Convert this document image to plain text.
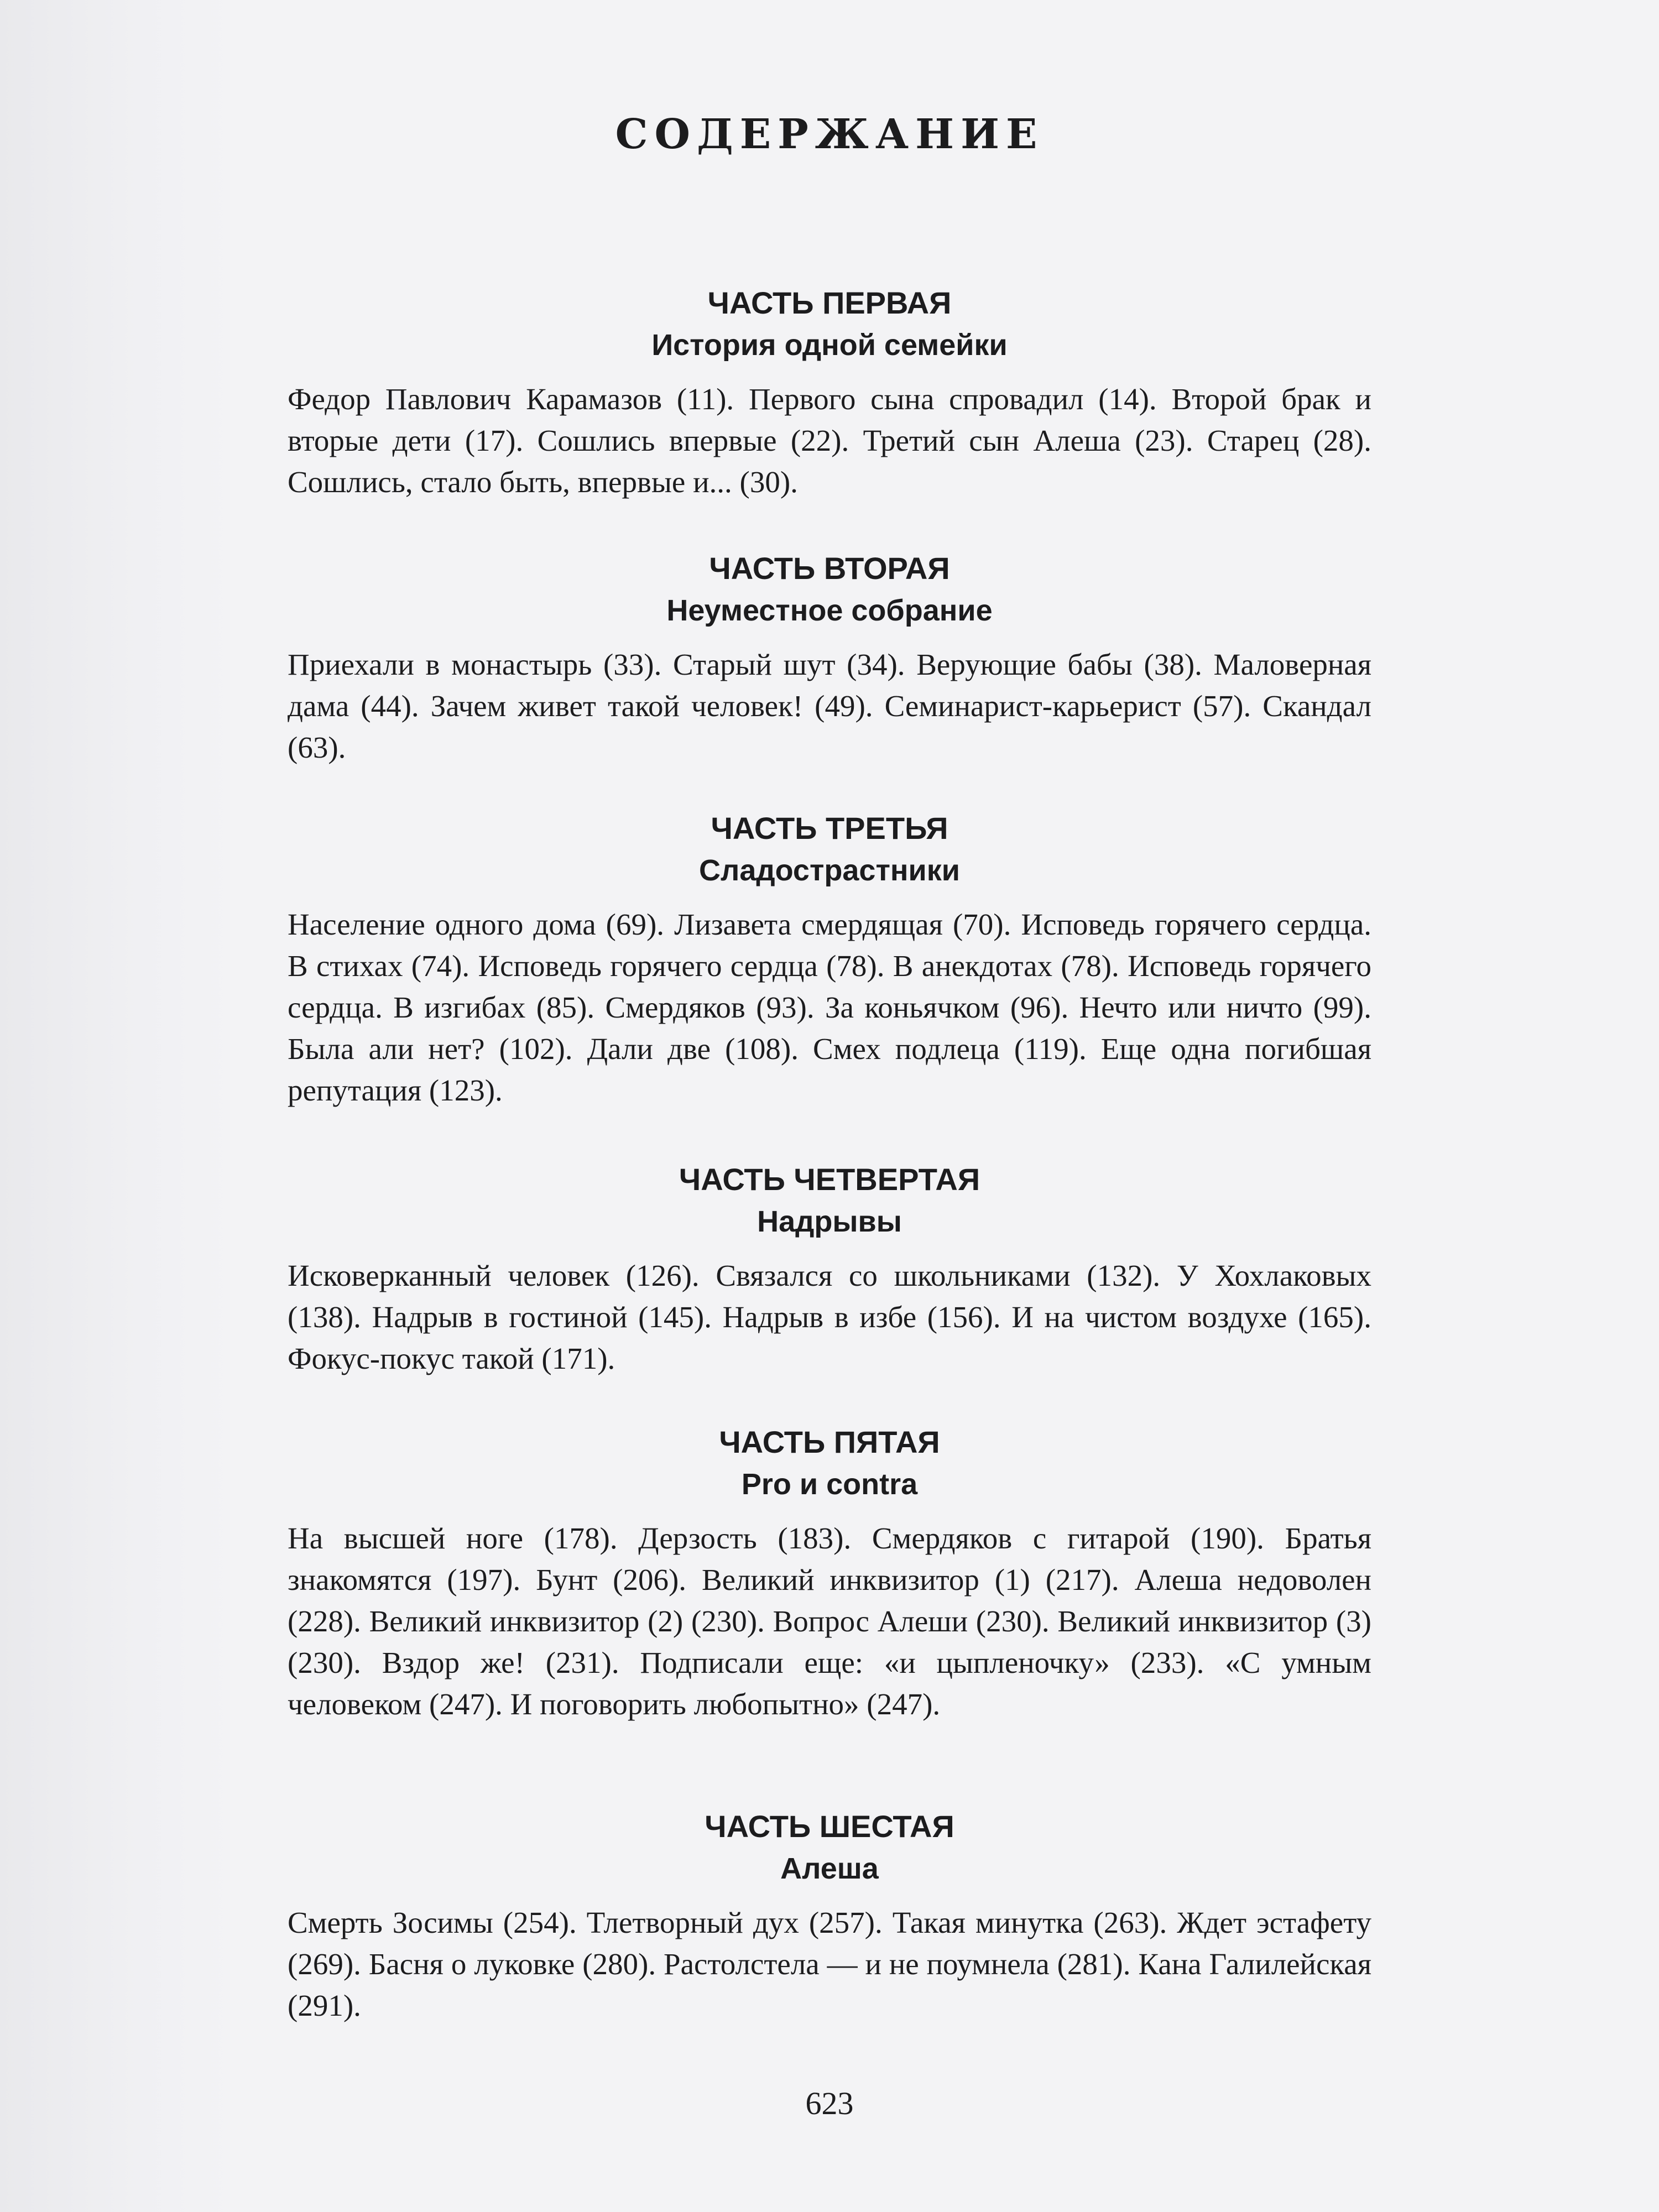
СОДЕРЖАНИЕ
ЧАСТЬ ПЕРВАЯ
История одной семейки

Федор Павлович Карамазов (11). Первого сына спровадил (14). Второй брак и вторые дети (17). Сошлись впервые (22). Третий сын Алеша (23). Старец (28). Сошлись, стало быть, впервые и... (30).

ЧАСТЬ ВТОРАЯ
Неуместное собрание

Приехали в монастырь (33). Старый шут (34). Верующие бабы (38). Маловерная дама (44). Зачем живет такой человек! (49). Семинарист-карьерист (57). Скандал (63).

ЧАСТЬ ТРЕТЬЯ
Сладострастники

Население одного дома (69). Лизавета смердящая (70). Исповедь горячего сердца. В стихах (74). Исповедь горячего сердца (78). В анекдотах (78). Исповедь горячего сердца. В изгибах (85). Смердяков (93). За коньячком (96). Нечто или ничто (99). Была али нет? (102). Дали две (108). Смех подлеца (119). Еще одна погибшая репутация (123).

ЧАСТЬ ЧЕТВЕРТАЯ
Надрывы

Исковерканный человек (126). Связался со школьниками (132). У Хохлаковых (138). Надрыв в гостиной (145). Надрыв в избе (156). И на чистом воздухе (165). Фокус-покус такой (171).

ЧАСТЬ ПЯТАЯ
Pro и contra

На высшей ноге (178). Дерзость (183). Смердяков с гитарой (190). Братья знакомятся (197). Бунт (206). Великий инквизитор (1) (217). Алеша недоволен (228). Великий инквизитор (2) (230). Вопрос Алеши (230). Великий инквизитор (3) (230). Вздор же! (231). Подписали еще: «и цыпленочку» (233). «С умным человеком (247). И поговорить любопытно» (247).

ЧАСТЬ ШЕСТАЯ
Алеша

Смерть Зосимы (254). Тлетворный дух (257). Такая минутка (263). Ждет эстафету (269). Басня о луковке (280). Растолстела — и не поумнела (281). Кана Галилейская (291).

623
